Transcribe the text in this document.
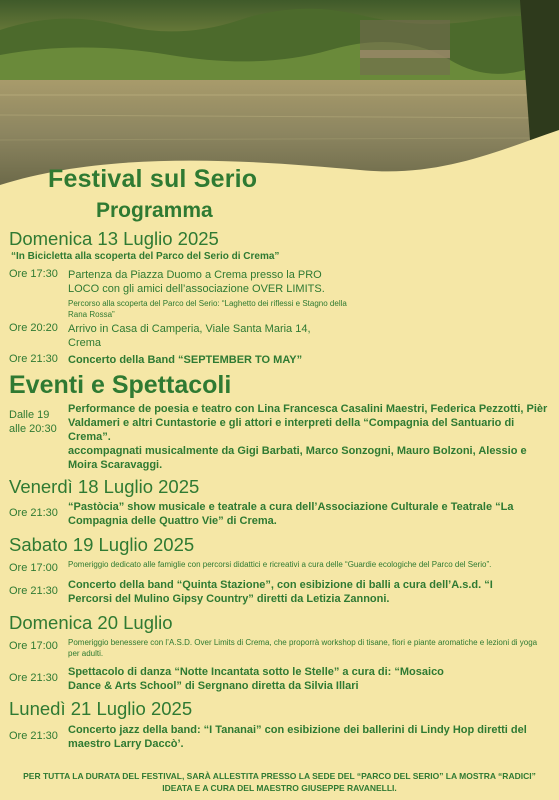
Festival sul Serio
Programma
Domenica 13 Luglio 2025
“In Bicicletta alla scoperta del Parco del Serio di Crema”
Ore 17:30 Partenza da Piazza Duomo a Crema presso la PRO LOCO con gli amici dell’associazione OVER LIMITS.
Percorso alla scoperta del Parco del Serio: “Laghetto dei riflessi e Stagno della Rana Rossa”
Ore 20:20 Arrivo in Casa di Camperia, Viale Santa Maria 14, Crema
Ore 21:30 Concerto della Band “SEPTEMBER TO MAY”
Eventi e Spettacoli
Dalle 19
alle 20:30
Performance de poesia e teatro con Lina Francesca Casalini Maestri, Federica Pezzotti, Pièr Valdameri e altri Cuntastorie e gli attori e interpreti della “Compagnia del Santuario di Crema”.
accompagnati musicalmente da Gigi Barbati, Marco Sonzogni, Mauro Bolzoni, Alessio e Moira Scaravaggi.
Venerdì 18 Luglio 2025
Ore 21:30 “Pastòcia” show musicale e teatrale a cura dell’Associazione Culturale e Teatrale “La Compagnia delle Quattro Vie” di Crema.
Sabato 19 Luglio 2025
Ore 17:00	Pomeriggio dedicato alle famiglie con percorsi didattici e ricreativi a cura delle “Guardie ecologiche del Parco del Serio”.
Ore 21:30 Concerto della band “Quinta Stazione”, con esibizione di balli a cura dell’A.s.d. “I Percorsi del Mulino Gipsy Country” diretti da Letizia Zannoni.
Domenica 20 Luglio
Ore 17:00	Pomeriggio benessere con l’A.S.D. Over Limits di Crema, che proporrà workshop di tisane, fiori e piante aromatiche e lezioni di yoga per adulti.
Ore 21:30 Spettacolo di danza “Notte Incantata sotto le Stelle” a cura di: “Mosaico Dance & Arts School” di Sergnano diretta da Silvia Illari
Lunedì 21 Luglio 2025
Ore 21:30 Concerto jazz della band: “I Tananai” con esibizione dei ballerini di Lindy Hop diretti del maestro Larry Daccò’.
PER TUTTA LA DURATA DEL FESTIVAL, SARÀ ALLESTITA PRESSO LA SEDE DEL “PARCO DEL SERIO” LA MOSTRA “RADICI” IDEATA E A CURA DEL MAESTRO GIUSEPPE RAVANELLI.
